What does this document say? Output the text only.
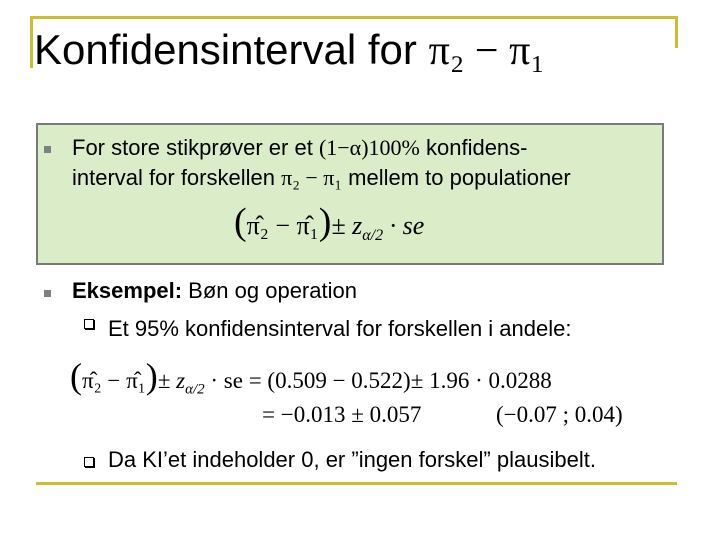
Konfidensinterval for π₂ − π₁
For store stikprøver er et (1−α)100% konfidens-
interval for forskellen π₂ − π₁ mellem to populationer
(π̂₂ − π̂₁)± $z_{\alpha/2}$ · se
Eksempel: Bøn og operation
Et 95% konfidensinterval for forskellen i andele:
(π̂₂ − π̂₁)± $z_{\alpha/2}$ · se = (0.509 − 0.522)± 1.96 · 0.0288
= −0.013 ± 0.057	(−0.07 ; 0.04)
Da KI’et indeholder 0, er ”ingen forskel” plausibelt.
